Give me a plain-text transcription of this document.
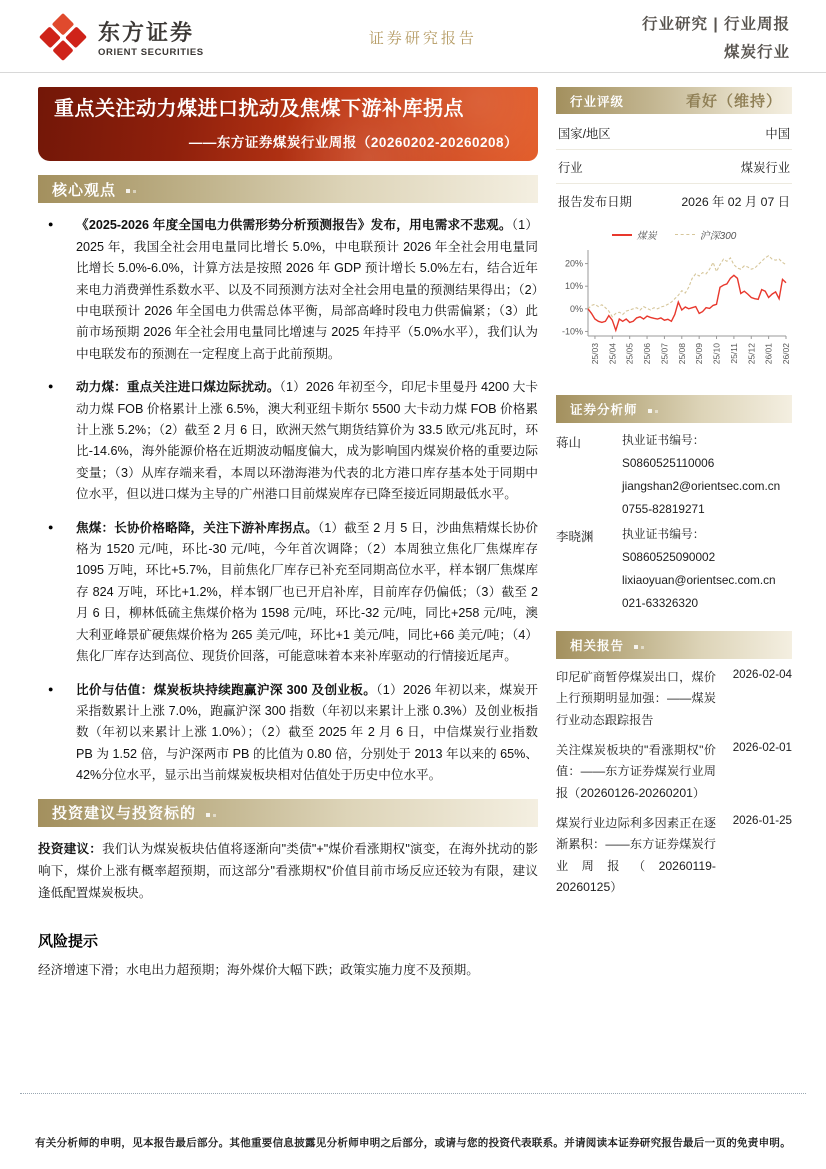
东方证券
ORIENT SECURITIES
证券研究报告
行业研究 | 行业周报
煤炭行业
重点关注动力煤进口扰动及焦煤下游补库拐点
——东方证券煤炭行业周报（20260202-20260208）
核心观点
● 《2025-2026 年度全国电力供需形势分析预测报告》发布，用电需求不悲观。（1）2025 年，我国全社会用电量同比增长 5.0%，中电联预计 2026 年全社会用电量同比增长 5.0%-6.0%，计算方法是按照 2026 年 GDP 预计增长 5.0%左右，结合近年来电力消费弹性系数水平、以及不同预测方法对全社会用电量的预测结果得出；（2）中电联预计 2026 年全国电力供需总体平衡，局部高峰时段电力供需偏紧；（3）此前市场预期 2026 年全社会用电量同比增速与 2025 年持平（5.0%水平），我们认为中电联发布的预测在一定程度上高于此前预期。
● 动力煤：重点关注进口煤边际扰动。（1）2026 年初至今，印尼卡里曼丹 4200 大卡动力煤 FOB 价格累计上涨 6.5%，澳大利亚纽卡斯尔 5500 大卡动力煤 FOB 价格累计上涨 5.2%；（2）截至 2 月 6 日，欧洲天然气期货结算价为 33.5 欧元/兆瓦时，环比-14.6%，海外能源价格在近期波动幅度偏大，成为影响国内煤炭价格的重要边际变量；（3）从库存端来看，本周以环渤海港为代表的北方港口库存基本处于同期中位水平，但以进口煤为主导的广州港口目前煤炭库存已降至接近同期最低水平。
● 焦煤：长协价格略降，关注下游补库拐点。（1）截至 2 月 5 日，沙曲焦精煤长协价格为 1520 元/吨，环比-30 元/吨，今年首次调降；（2）本周独立焦化厂焦煤库存 1095 万吨，环比+5.7%，目前焦化厂库存已补充至同期高位水平，样本钢厂焦煤库存 824 万吨，环比+1.2%，样本钢厂也已开启补库，目前库存仍偏低；（3）截至 2 月 6 日，柳林低硫主焦煤价格为 1598 元/吨，环比-32 元/吨，同比+258 元/吨，澳大利亚峰景矿硬焦煤价格为 265 美元/吨，环比+1 美元/吨，同比+66 美元/吨；（4）焦化厂库存达到高位、现货价回落，可能意味着本来补库驱动的行情接近尾声。
● 比价与估值：煤炭板块持续跑赢沪深 300 及创业板。（1）2026 年初以来，煤炭开采指数累计上涨 7.0%，跑赢沪深 300 指数（年初以来累计上涨 0.3%）及创业板指数（年初以来累计上涨 1.0%）；（2）截至 2025 年 2 月 6 日，中信煤炭行业指数 PB 为 1.52 倍，与沪深两市 PB 的比值为 0.80 倍，分别处于 2013 年以来的 65%、42%分位水平，显示出当前煤炭板块相对估值处于历史中位水平。
投资建议与投资标的

投资建议：我们认为煤炭板块估值将逐渐向"类债"+"煤价看涨期权"演变，在海外扰动的影响下，煤价上涨有概率超预期，而这部分"看涨期权"价值目前市场反应还较为有限，建议逢低配置煤炭板块。

风险提示

经济增速下滑；水电出力超预期；海外煤价大幅下跌；政策实施力度不及预期。

行业评级	看好（维持）
国家/地区	中国
行业	煤炭行业
报告发布日期	2026 年 02 月 07 日
煤炭	沪深300
20%
10%
0%
-10%
25/03 25/04 25/05 25/06 25/07 25/08 25/09 25/10 25/11 25/12 26/01 26/02
证券分析师
蒋山	执业证书编号：S0860525110006
jiangshan2@orientsec.com.cn
0755-82819271
李晓渊	执业证书编号：S0860525090002
lixiaoyuan@orientsec.com.cn
021-63326320
相关报告
印尼矿商暂停煤炭出口，煤价上行预期明显加强：——煤炭行业动态跟踪报告
2026-02-04
关注煤炭板块的"看涨期权"价值：——东方证券煤炭行业周报（20260126-20260201）
2026-02-01
煤炭行业边际利多因素正在逐渐累积：——东方证券煤炭行业周报（20260119-20260125）
2026-01-25
有关分析师的申明，见本报告最后部分。其他重要信息披露见分析师申明之后部分，或请与您的投资代表联系。并请阅读本证券研究报告最后一页的免责申明。
